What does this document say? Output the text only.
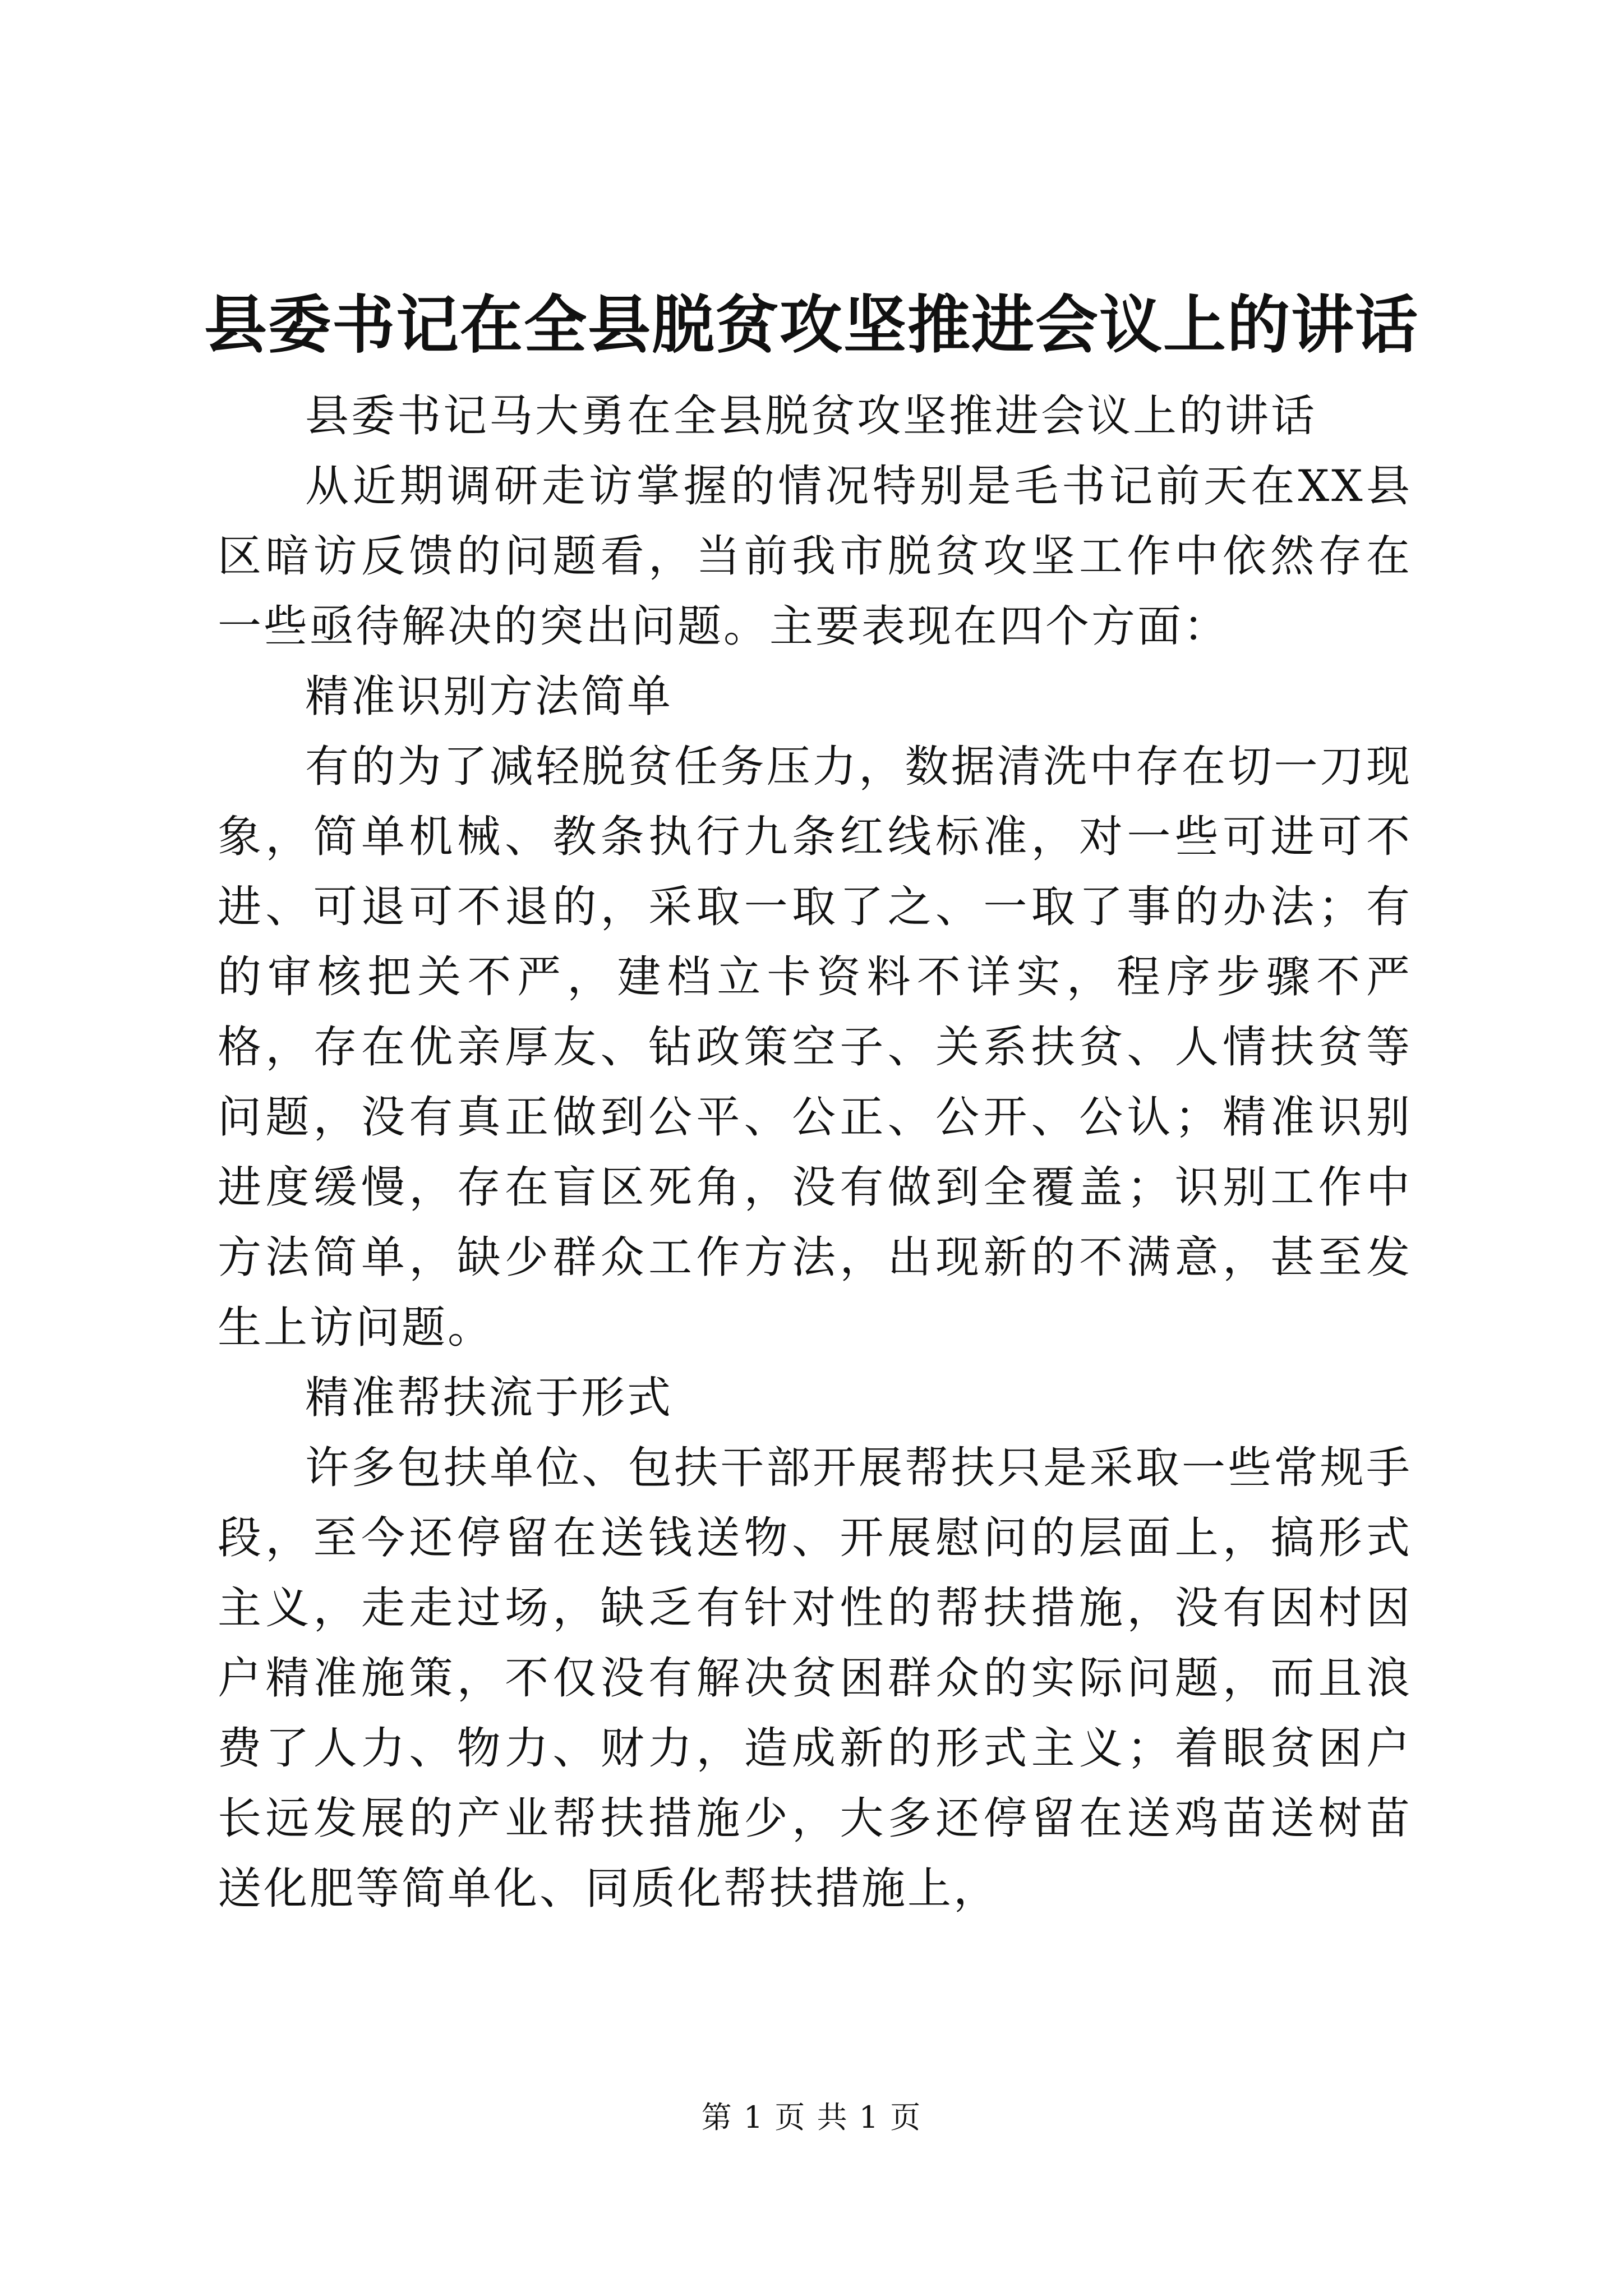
县委书记在全县脱贫攻坚推进会议上的讲话

县委书记马大勇在全县脱贫攻坚推进会议上的讲话

从近期调研走访掌握的情况特别是毛书记前天在XX县区暗访反馈的问题看，当前我市脱贫攻坚工作中依然存在一些亟待解决的突出问题。主要表现在四个方面：

精准识别方法简单

有的为了减轻脱贫任务压力，数据清洗中存在切一刀现象，简单机械、教条执行九条红线标准，对一些可进可不进、可退可不退的，采取一取了之、一取了事的办法；有的审核把关不严，建档立卡资料不详实，程序步骤不严格，存在优亲厚友、钻政策空子、关系扶贫、人情扶贫等问题，没有真正做到公平、公正、公开、公认；精准识别进度缓慢，存在盲区死角，没有做到全覆盖；识别工作中方法简单，缺少群众工作方法，出现新的不满意，甚至发生上访问题。

精准帮扶流于形式

许多包扶单位、包扶干部开展帮扶只是采取一些常规手段，至今还停留在送钱送物、开展慰问的层面上，搞形式主义，走走过场，缺乏有针对性的帮扶措施，没有因村因户精准施策，不仅没有解决贫困群众的实际问题，而且浪费了人力、物力、财力，造成新的形式主义；着眼贫困户长远发展的产业帮扶措施少，大多还停留在送鸡苗送树苗送化肥等简单化、同质化帮扶措施上，

第 1 页 共 1 页
